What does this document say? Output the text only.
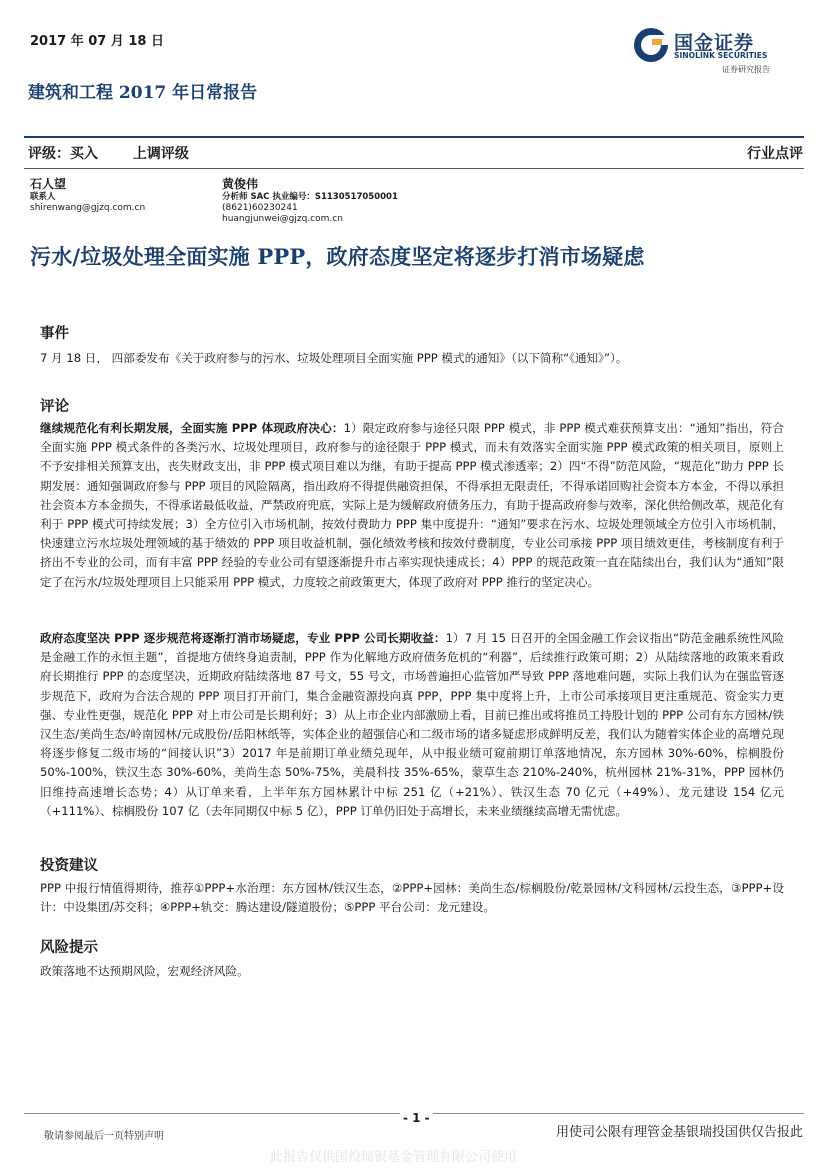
2017 年 07 月 18 日
建筑和工程 2017 年日常报告
国金证券
SINOLINK SECURITIES
证券研究报告
评级：买入 上调评级	行业点评
石人望
联系人
shirenwang@gjzq.com.cn
黄俊伟
分析师 SAC 执业编号：S1130517050001
(8621)60230241
huangjunwei@gjzq.com.cn
污水/垃圾处理全面实施 PPP，政府态度坚定将逐步打消市场疑虑
事件
7 月 18 日， 四部委发布《关于政府参与的污水、垃圾处理项目全面实施 PPP 模式的通知》（以下简称“《通知》”）。
评论
继续规范化有利长期发展，全面实施 PPP 体现政府决心：1）限定政府参与途径只限 PPP 模式，非 PPP 模式难获预算支出：“通知”指出，符合全面实施 PPP 模式条件的各类污水、垃圾处理项目，政府参与的途径限于 PPP 模式，而未有效落实全面实施 PPP 模式政策的相关项目，原则上不予安排相关预算支出，丧失财政支出，非 PPP 模式项目难以为继，有助于提高 PPP 模式渗透率；2）四“不得”防范风险，“规范化”助力 PPP 长期发展：通知强调政府参与 PPP 项目的风险隔离，指出政府不得提供融资担保，不得承担无限责任，不得承诺回购社会资本方本金，不得以承担社会资本方本金损失，不得承诺最低收益，严禁政府兜底，实际上是为缓解政府债务压力，有助于提高政府参与效率，深化供给侧改革，规范化有利于 PPP 模式可持续发展；3）全方位引入市场机制，按效付费助力 PPP 集中度提升：“通知”要求在污水、垃圾处理领域全方位引入市场机制，快速建立污水垃圾处理领域的基于绩效的 PPP 项目收益机制，强化绩效考核和按效付费制度，专业公司承接 PPP 项目绩效更佳，考核制度有利于挤出不专业的公司，而有丰富 PPP 经验的专业公司有望逐渐提升市占率实现快速成长；4）PPP 的规范政策一直在陆续出台，我们认为“通知”限定了在污水/垃圾处理项目上只能采用 PPP 模式，力度较之前政策更大，体现了政府对 PPP 推行的坚定决心。
政府态度坚决 PPP 逐步规范将逐渐打消市场疑虑，专业 PPP 公司长期收益：1）7 月 15 日召开的全国金融工作会议指出“防范金融系统性风险是金融工作的永恒主题”，首提地方债终身追责制，PPP 作为化解地方政府债务危机的“利器”，后续推行政策可期；2）从陆续落地的政策来看政府长期推行 PPP 的态度坚决，近期政府陆续落地 87 号文，55 号文，市场普遍担心监管加严导致 PPP 落地难问题，实际上我们认为在强监管逐步规范下，政府为合法合规的 PPP 项目打开前门，集合金融资源投向真 PPP，PPP 集中度将上升，上市公司承接项目更注重规范、资金实力更强、专业性更强，规范化 PPP 对上市公司是长期利好；3）从上市企业内部激励上看，目前已推出或将推员工持股计划的 PPP 公司有东方园林/铁汉生态/美尚生态/岭南园林/元成股份/岳阳林纸等，实体企业的超强信心和二级市场的诸多疑虑形成鲜明反差，我们认为随着实体企业的高增兑现将逐步修复二级市场的“间接认识”3）2017 年是前期订单业绩兑现年，从中报业绩可窥前期订单落地情况，东方园林 30%-60%，棕榈股份 50%-100%，铁汉生态 30%-60%，美尚生态 50%-75%，美晨科技 35%-65%，蒙草生态 210%-240%，杭州园林 21%-31%，PPP 园林仍旧维持高速增长态势；4）从订单来看，上半年东方园林累计中标 251 亿（+21%）、铁汉生态 70 亿元（+49%）、龙元建设 154 亿元（+111%）、棕榈股份 107 亿（去年同期仅中标 5 亿），PPP 订单仍旧处于高增长，未来业绩继续高增无需忧虑。
投资建议
PPP 中报行情值得期待，推荐①PPP+水治理：东方园林/铁汉生态，②PPP+园林：美尚生态/棕榈股份/乾景园林/文科园林/云投生态，③PPP+设计：中设集团/苏交科；④PPP+轨交：腾达建设/隧道股份；⑤PPP 平台公司：龙元建设。
风险提示
政策落地不达预期风险，宏观经济风险。
- 1 -
敬请参阅最后一页特别声明	用使司公限有理管金基银瑞投国供仅告报此
此报告仅供国投瑞银基金管理有限公司使用
